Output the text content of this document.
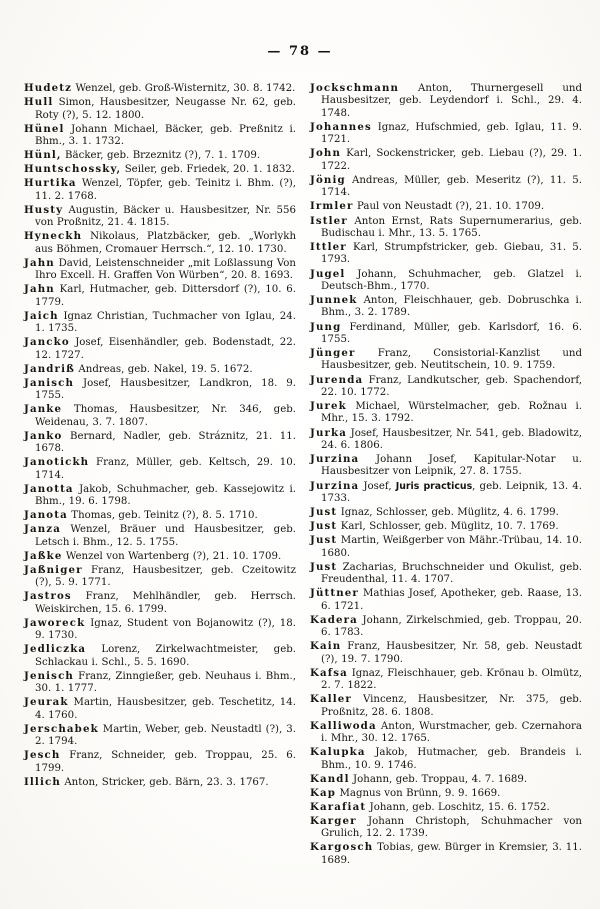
— 78 —

Hudetz Wenzel, geb. Groß-Wisternitz, 30. 8. 1742.

Hull Simon, Hausbesitzer, Neugasse Nr. 62, geb. Roty (?), 5. 12. 1800.

Hünel Johann Michael, Bäcker, geb. Preßnitz i. Bhm., 3. 1. 1732.

Hünl, Bäcker, geb. Brzeznitz (?), 7. 1. 1709.

Huntschossky, Seiler, geb. Friedek, 20. 1. 1832.

Hurtika Wenzel, Töpfer, geb. Teinitz i. Bhm. (?), 11. 2. 1768.

Husty Augustin, Bäcker u. Hausbesitzer, Nr. 556 von Proßnitz, 21. 4. 1815.

Hyneckh Nikolaus, Platzbäcker, geb. „Worlykh aus Böhmen, Cromauer Herrsch.“, 12. 10. 1730.

Jahn David, Leistenschneider „mit Loßlassung Von Ihro Excell. H. Graffen Von Würben“, 20. 8. 1693.

Jahn Karl, Hutmacher, geb. Dittersdorf (?), 10. 6. 1779.

Jaich Ignaz Christian, Tuchmacher von Iglau, 24. 1. 1735.

Jancko Josef, Eisenhändler, geb. Bodenstadt, 22. 12. 1727.

Jandriß Andreas, geb. Nakel, 19. 5. 1672.

Janisch Josef, Hausbesitzer, Landkron, 18. 9. 1755.

Janke Thomas, Hausbesitzer, Nr. 346, geb. Weidenau, 3. 7. 1807.

Janko Bernard, Nadler, geb. Stráznitz, 21. 11. 1678.

Janotickh Franz, Müller, geb. Keltsch, 29. 10. 1714.

Janotta Jakob, Schuhmacher, geb. Kassejowitz i. Bhm., 19. 6. 1798.

Janota Thomas, geb. Teinitz (?), 8. 5. 1710.

Janza Wenzel, Bräuer und Hausbesitzer, geb. Letsch i. Bhm., 12. 5. 1755.

Jaßke Wenzel von Wartenberg (?), 21. 10. 1709.

Jaßniger Franz, Hausbesitzer, geb. Czeitowitz (?), 5. 9. 1771.

Jastros Franz, Mehlhändler, geb. Herrsch. Weiskirchen, 15. 6. 1799.

Jaworeck Ignaz, Student von Bojanowitz (?), 18. 9. 1730.

Jedliczka Lorenz, Zirkelwachtmeister, geb. Schlackau i. Schl., 5. 5. 1690.

Jenisch Franz, Zinngießer, geb. Neuhaus i. Bhm., 30. 1. 1777.

Jeurak Martin, Hausbesitzer, geb. Teschetitz, 14. 4. 1760.

Jerschabek Martin, Weber, geb. Neustadtl (?), 3. 2. 1794.

Jesch Franz, Schneider, geb. Troppau, 25. 6. 1799.

Illich Anton, Stricker, geb. Bärn, 23. 3. 1767.

Jockschmann Anton, Thurnergesell und Hausbesitzer, geb. Leydendorf i. Schl., 29. 4. 1748.

Johannes Ignaz, Hufschmied, geb. Iglau, 11. 9. 1721.

John Karl, Sockenstricker, geb. Liebau (?), 29. 1. 1722.

Jönig Andreas, Müller, geb. Meseritz (?), 11. 5. 1714.

Irmler Paul von Neustadt (?), 21. 10. 1709.

Istler Anton Ernst, Rats Supernumerarius, geb. Budischau i. Mhr., 13. 5. 1765.

Ittler Karl, Strumpfstricker, geb. Giebau, 31. 5. 1793.

Jugel Johann, Schuhmacher, geb. Glatzel i. Deutsch-Bhm., 1770.

Junnek Anton, Fleischhauer, geb. Dobruschka i. Bhm., 3. 2. 1789.

Jung Ferdinand, Müller, geb. Karlsdorf, 16. 6. 1755.

Jünger Franz, Consistorial-Kanzlist und Hausbesitzer, geb. Neutitschein, 10. 9. 1759.

Jurenda Franz, Landkutscher, geb. Spachendorf, 22. 10. 1772.

Jurek Michael, Würstelmacher, geb. Rožnau i. Mhr., 15. 3. 1792.

Jurka Josef, Hausbesitzer, Nr. 541, geb. Bladowitz, 24. 6. 1806.

Jurzina Johann Josef, Kapitular-Notar u. Hausbesitzer von Leipnik, 27. 8. 1755.

Jurzina Josef, Juris practicus, geb. Leipnik, 13. 4. 1733.

Just Ignaz, Schlosser, geb. Müglitz, 4. 6. 1799.

Just Karl, Schlosser, geb. Müglitz, 10. 7. 1769.

Just Martin, Weißgerber von Mähr.-Trübau, 14. 10. 1680.

Just Zacharias, Bruchschneider und Okulist, geb. Freudenthal, 11. 4. 1707.

Jüttner Mathias Josef, Apotheker, geb. Raase, 13. 6. 1721.

Kadera Johann, Zirkelschmied, geb. Troppau, 20. 6. 1783.

Kain Franz, Hausbesitzer, Nr. 58, geb. Neustadt (?), 19. 7. 1790.

Kafsa Ignaz, Fleischhauer, geb. Krönau b. Olmütz, 2. 7. 1822.

Kaller Vincenz, Hausbesitzer, Nr. 375, geb. Proßnitz, 28. 6. 1808.

Kalliwoda Anton, Wurstmacher, geb. Czernahora i. Mhr., 30. 12. 1765.

Kalupka Jakob, Hutmacher, geb. Brandeis i. Bhm., 10. 9. 1746.

Kandl Johann, geb. Troppau, 4. 7. 1689.

Kap Magnus von Brünn, 9. 9. 1669.

Karafiat Johann, geb. Loschitz, 15. 6. 1752.

Karger Johann Christoph, Schuhmacher von Grulich, 12. 2. 1739.

Kargosch Tobias, gew. Bürger in Kremsier, 3. 11. 1689.
